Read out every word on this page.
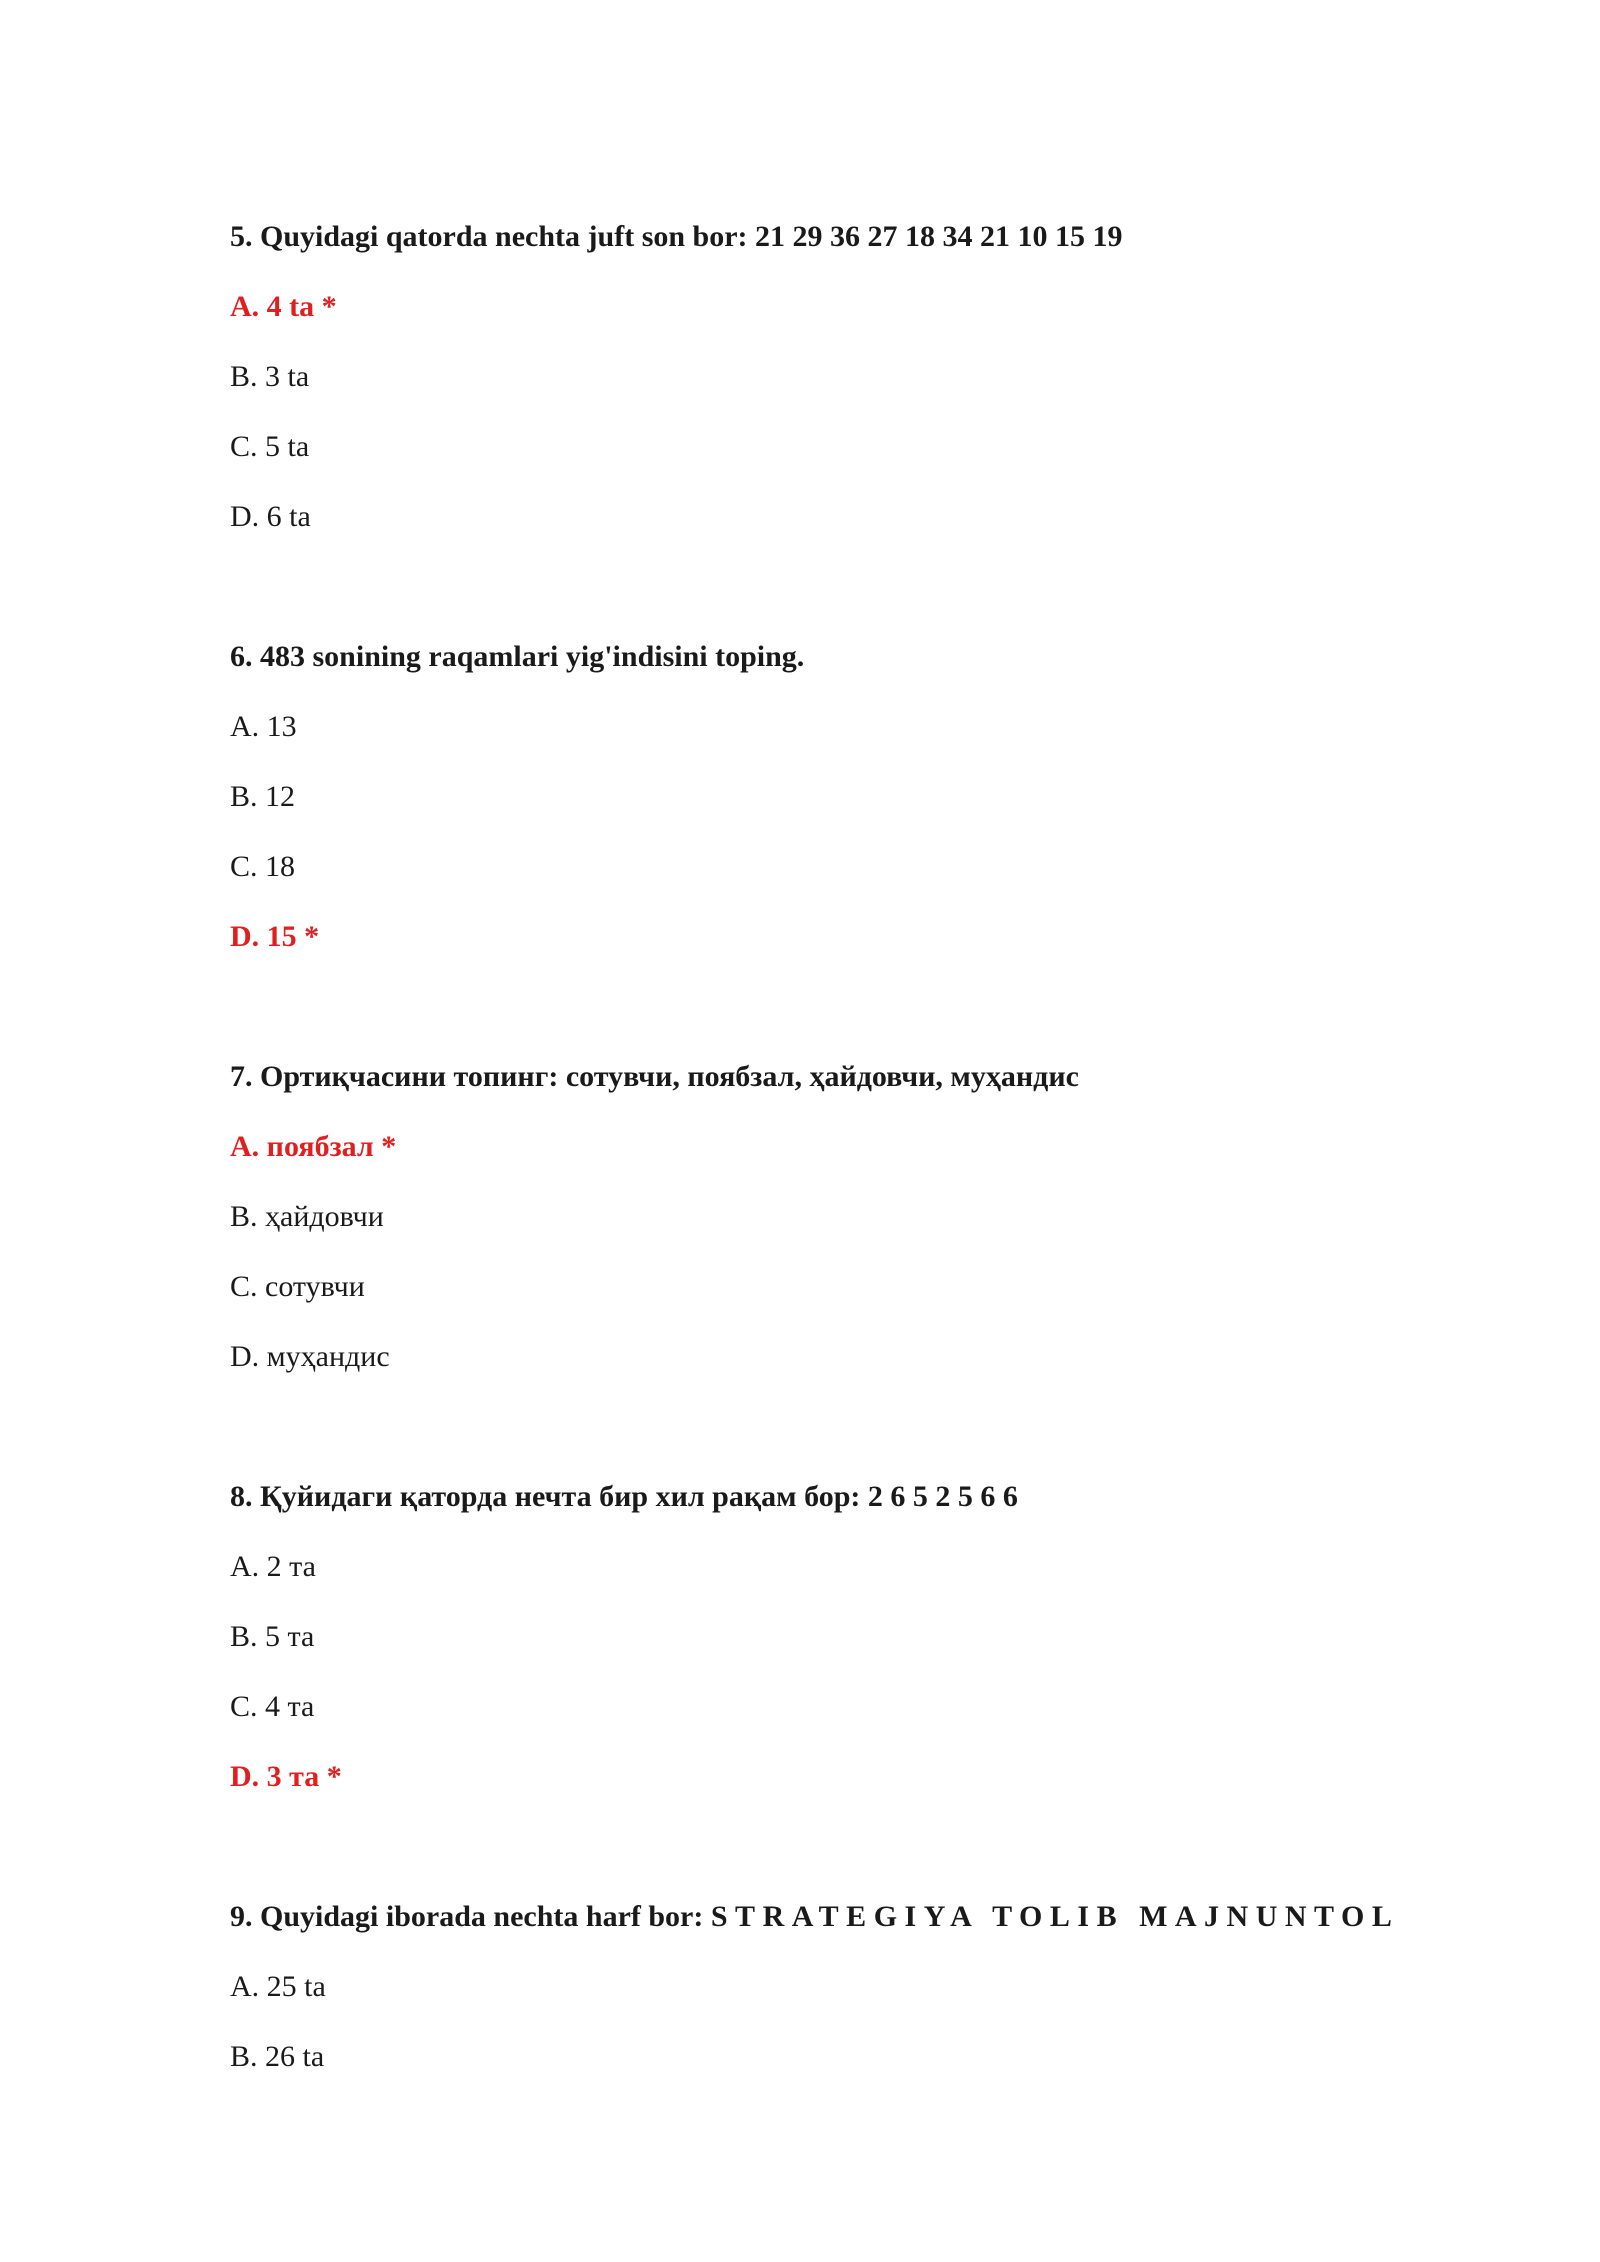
5. Quyidagi qatorda nechta juft son bor: 21 29 36 27 18 34 21 10 15 19

A. 4 ta *
B. 3 ta
C. 5 ta
D. 6 ta

6. 483 sonining raqamlari yig'indisini toping.

A. 13
B. 12
C. 18
D. 15 *

7. Ортиқчасини топинг: сотувчи, поябзал, ҳайдовчи, муҳандис

A. поябзал *
B. ҳайдовчи
C. сотувчи
D. муҳандис

8. Қуйидаги қаторда нечта бир хил рақам бор: 2 6 5 2 5 6 6

A. 2 та
B. 5 та
C. 4 та
D. 3 та *

9. Quyidagi iborada nechta harf bor: STRATEGIYA TOLIB MAJNUNTOL

A. 25 ta
B. 26 ta
